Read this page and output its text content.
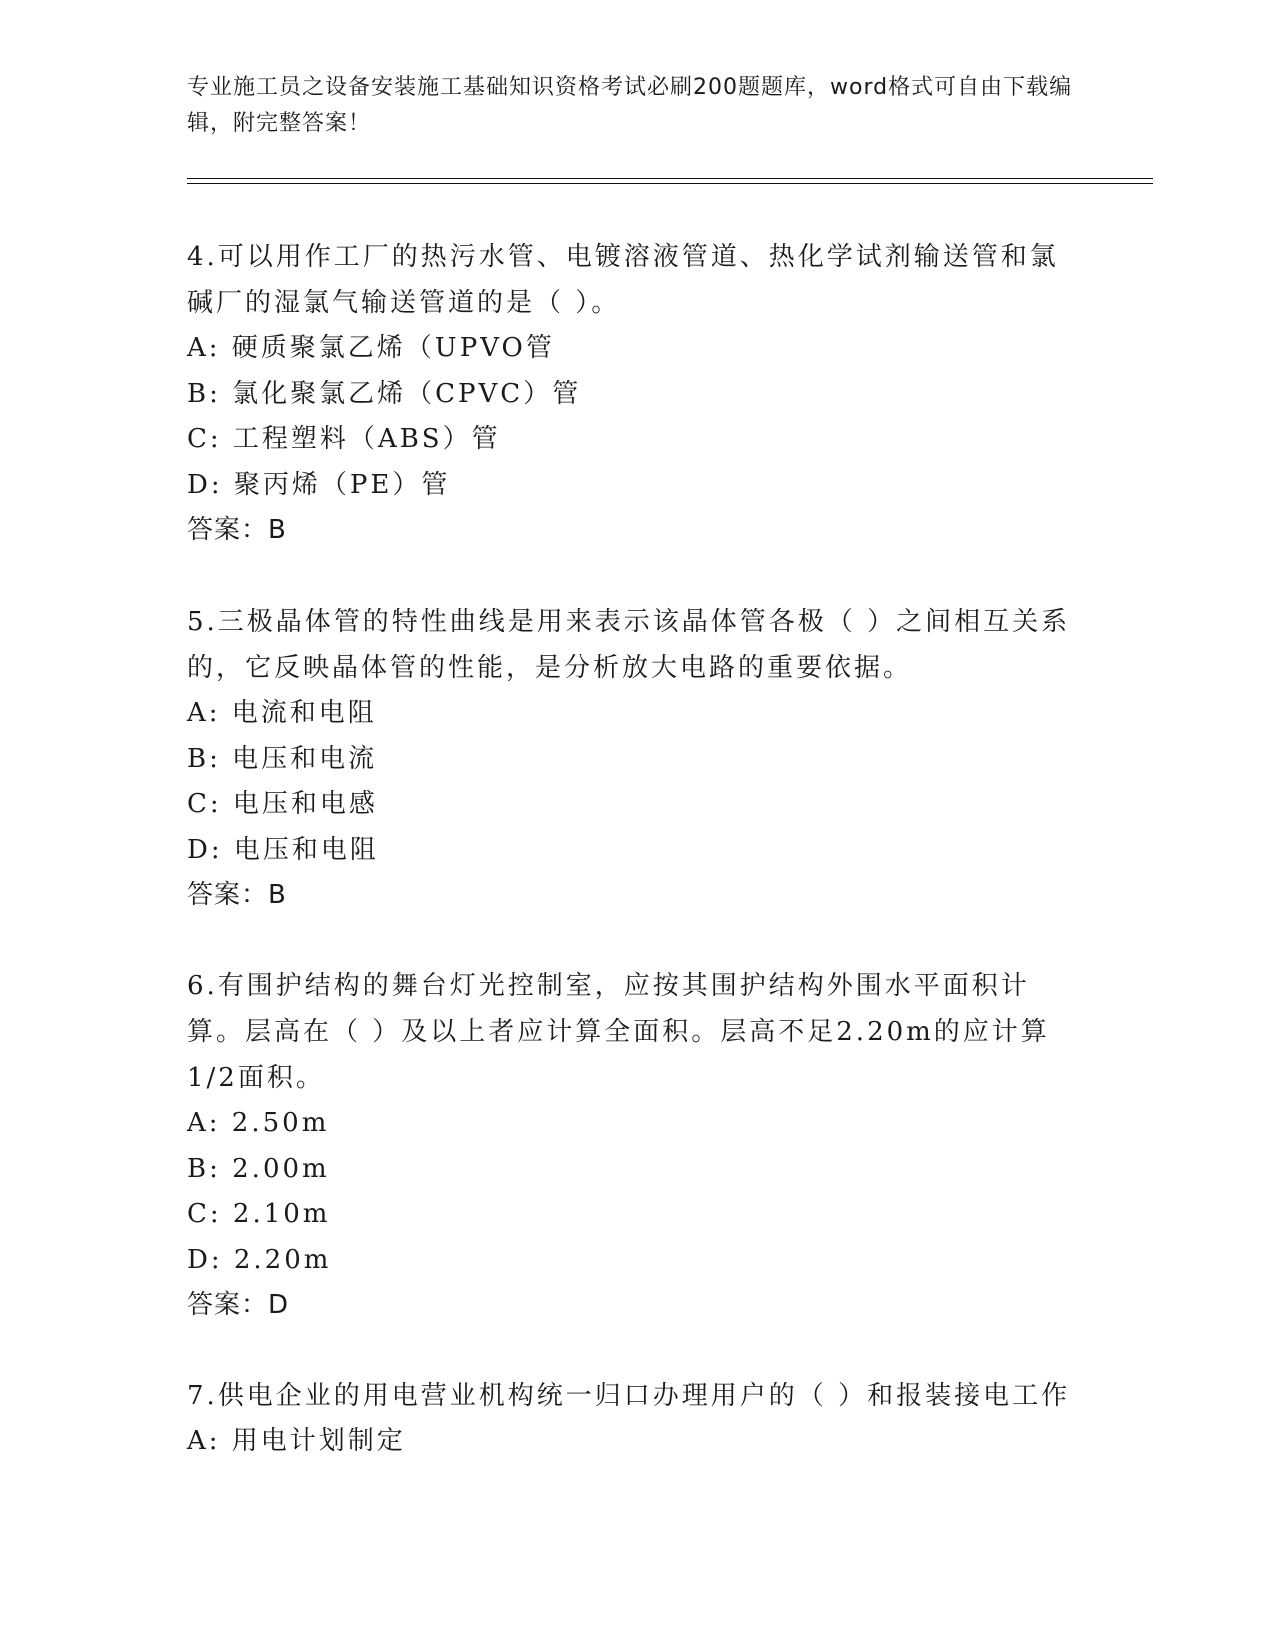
专业施工员之设备安装施工基础知识资格考试必刷200题题库，word格式可自由下载编辑，附完整答案！

4.可以用作工厂的热污水管、电镀溶液管道、热化学试剂输送管和氯碱厂的湿氯气输送管道的是（ ）。

A: 硬质聚氯乙烯（UPVO管

B: 氯化聚氯乙烯（CPVC）管

C: 工程塑料（ABS）管

D: 聚丙烯（PE）管

答案：B

5.三极晶体管的特性曲线是用来表示该晶体管各极（ ）之间相互关系的，它反映晶体管的性能，是分析放大电路的重要依据。

A: 电流和电阻

B: 电压和电流

C: 电压和电感

D: 电压和电阻

答案：B

6.有围护结构的舞台灯光控制室，应按其围护结构外围水平面积计算。层高在（ ）及以上者应计算全面积。层高不足2.20m的应计算1/2面积。

A: 2.50m

B: 2.00m

C: 2.10m

D: 2.20m

答案：D

7.供电企业的用电营业机构统一归口办理用户的（ ）和报装接电工作

A: 用电计划制定
